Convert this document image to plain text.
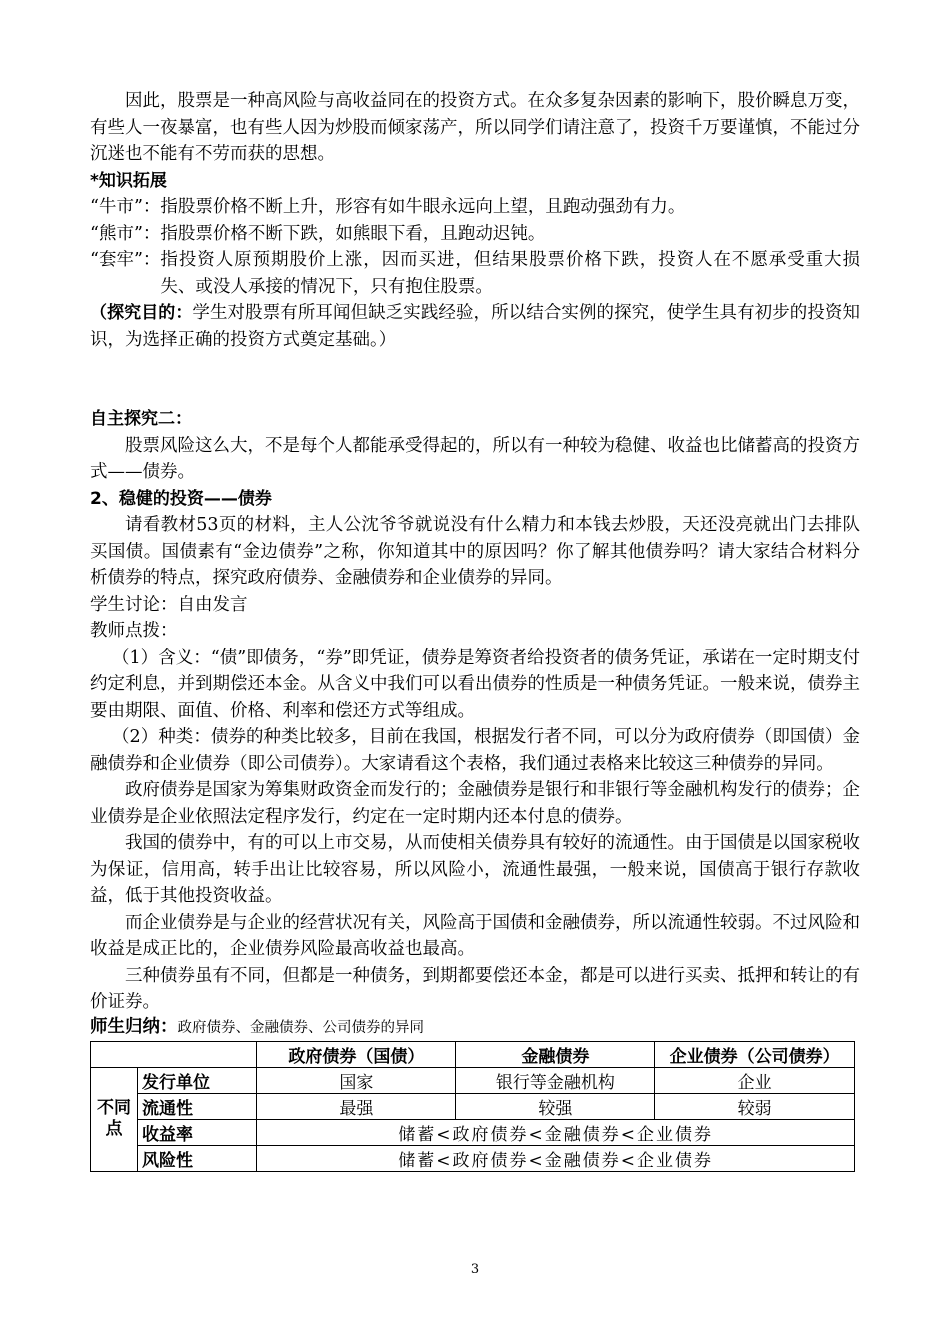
因此，股票是一种高风险与高收益同在的投资方式。在众多复杂因素的影响下，股价瞬息万变，有些人一夜暴富，也有些人因为炒股而倾家荡产，所以同学们请注意了，投资千万要谨慎，不能过分沉迷也不能有不劳而获的思想。

*知识拓展

“牛市”： 指股票价格不断上升，形容有如牛眼永远向上望，且跑动强劲有力。

“熊市”： 指股票价格不断下跌，如熊眼下看，且跑动迟钝。

“套牢”： 指投资人原预期股价上涨，因而买进，但结果股票价格下跌，投资人在不愿承受重大损失、或没人承接的情况下，只有抱住股票。

（探究目的：学生对股票有所耳闻但缺乏实践经验，所以结合实例的探究，使学生具有初步的投资知识，为选择正确的投资方式奠定基础。）

自主探究二：

股票风险这么大，不是每个人都能承受得起的，所以有一种较为稳健、收益也比储蓄高的投资方式——债券。

2、稳健的投资——债券

请看教材53页的材料，主人公沈爷爷就说没有什么精力和本钱去炒股，天还没亮就出门去排队买国债。国债素有“金边债券”之称，你知道其中的原因吗？你了解其他债券吗？请大家结合材料分析债券的特点，探究政府债券、金融债券和企业债券的异同。

学生讨论：自由发言

教师点拨：

（1）含义：“债”即债务，“券”即凭证，债券是筹资者给投资者的债务凭证，承诺在一定时期支付约定利息，并到期偿还本金。从含义中我们可以看出债券的性质是一种债务凭证。一般来说，债券主要由期限、面值、价格、利率和偿还方式等组成。

（2）种类：债券的种类比较多，目前在我国，根据发行者不同，可以分为政府债券（即国债）金融债券和企业债券（即公司债券）。大家请看这个表格，我们通过表格来比较这三种债券的异同。

政府债券是国家为筹集财政资金而发行的；金融债券是银行和非银行等金融机构发行的债券；企业债券是企业依照法定程序发行，约定在一定时期内还本付息的债券。

我国的债券中，有的可以上市交易，从而使相关债券具有较好的流通性。由于国债是以国家税收为保证，信用高，转手出让比较容易，所以风险小，流通性最强，一般来说，国债高于银行存款收益，低于其他投资收益。

而企业债券是与企业的经营状况有关，风险高于国债和金融债券，所以流通性较弱。不过风险和收益是成正比的，企业债券风险最高收益也最高。

三种债券虽有不同，但都是一种债务，到期都要偿还本金，都是可以进行买卖、抵押和转让的有价证券。

师生归纳：政府债券、金融债券、公司债券的异同
		政府债券（国债）	金融债券	企业债券（公司债券）
不同点	发行单位	国家	银行等金融机构	企业
	流通性	最强	较强	较弱
	收益率	储蓄<政府债券<金融债券<企业债券		
	风险性	储蓄<政府债券<金融债券<企业债券		
3
